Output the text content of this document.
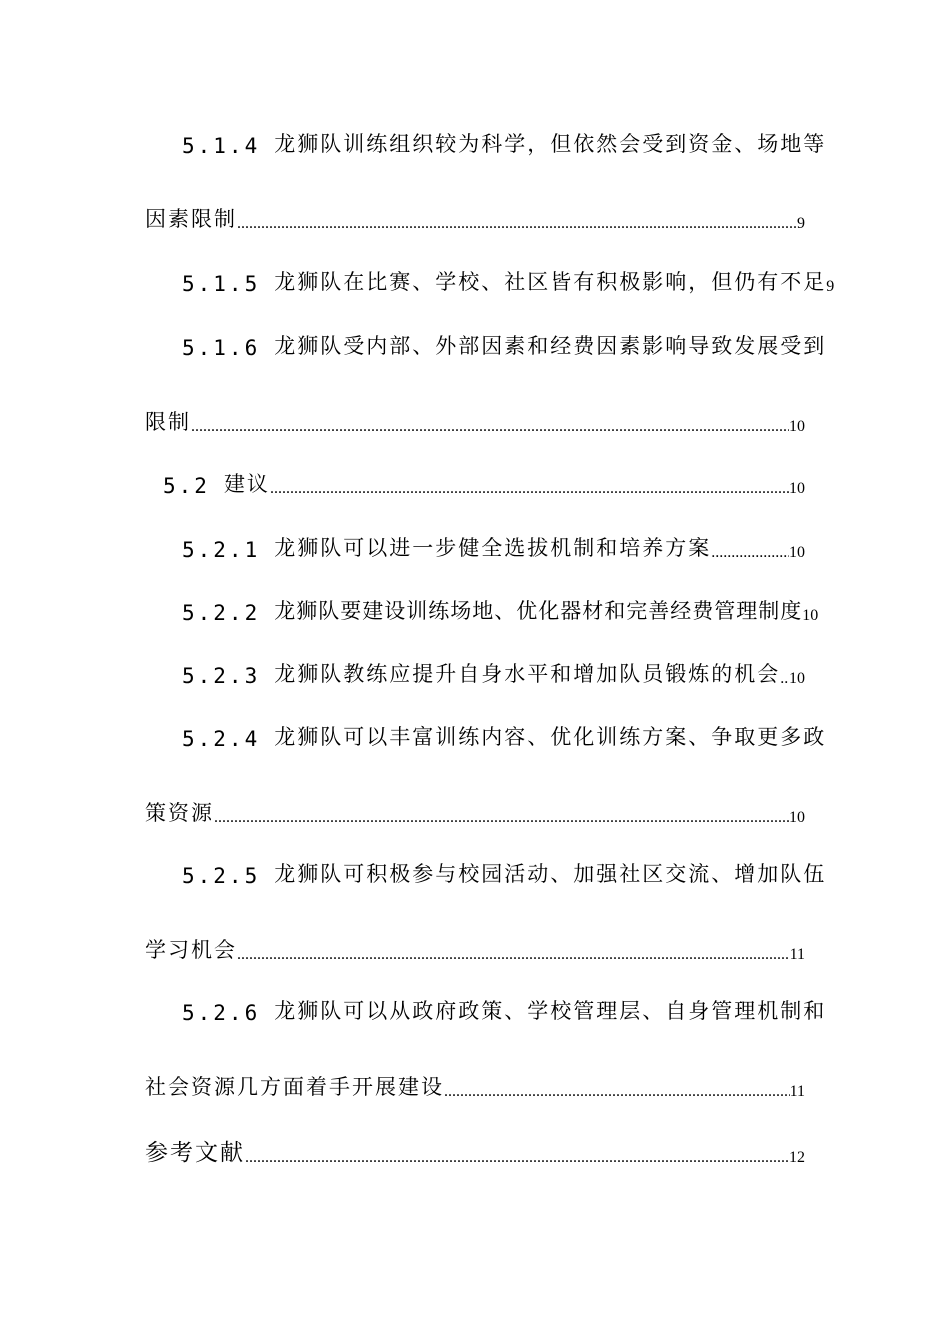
5.1.4 龙狮队训练组织较为科学，但依然会受到资金、场地等
因素限制 .....	9
5.1.5 龙狮队在比赛、学校、社区皆有积极影响，但仍有不足 9
5.1.6 龙狮队受内部、外部因素和经费因素影响导致发展受到
限制 .....	10
5.2 建议 .....	10
5.2.1 龙狮队可以进一步健全选拔机制和培养方案 .....	10
5.2.2 龙狮队要建设训练场地、优化器材和完善经费管理制度 10
5.2.3 龙狮队教练应提升自身水平和增加队员锻炼的机会 ..... 10
5.2.4 龙狮队可以丰富训练内容、优化训练方案、争取更多政
策资源 .....	10
5.2.5 龙狮队可积极参与校园活动、加强社区交流、增加队伍
学习机会 .....	11
5.2.6 龙狮队可以从政府政策、学校管理层、自身管理机制和
社会资源几方面着手开展建设 .....	11
参考文献 .....	12
